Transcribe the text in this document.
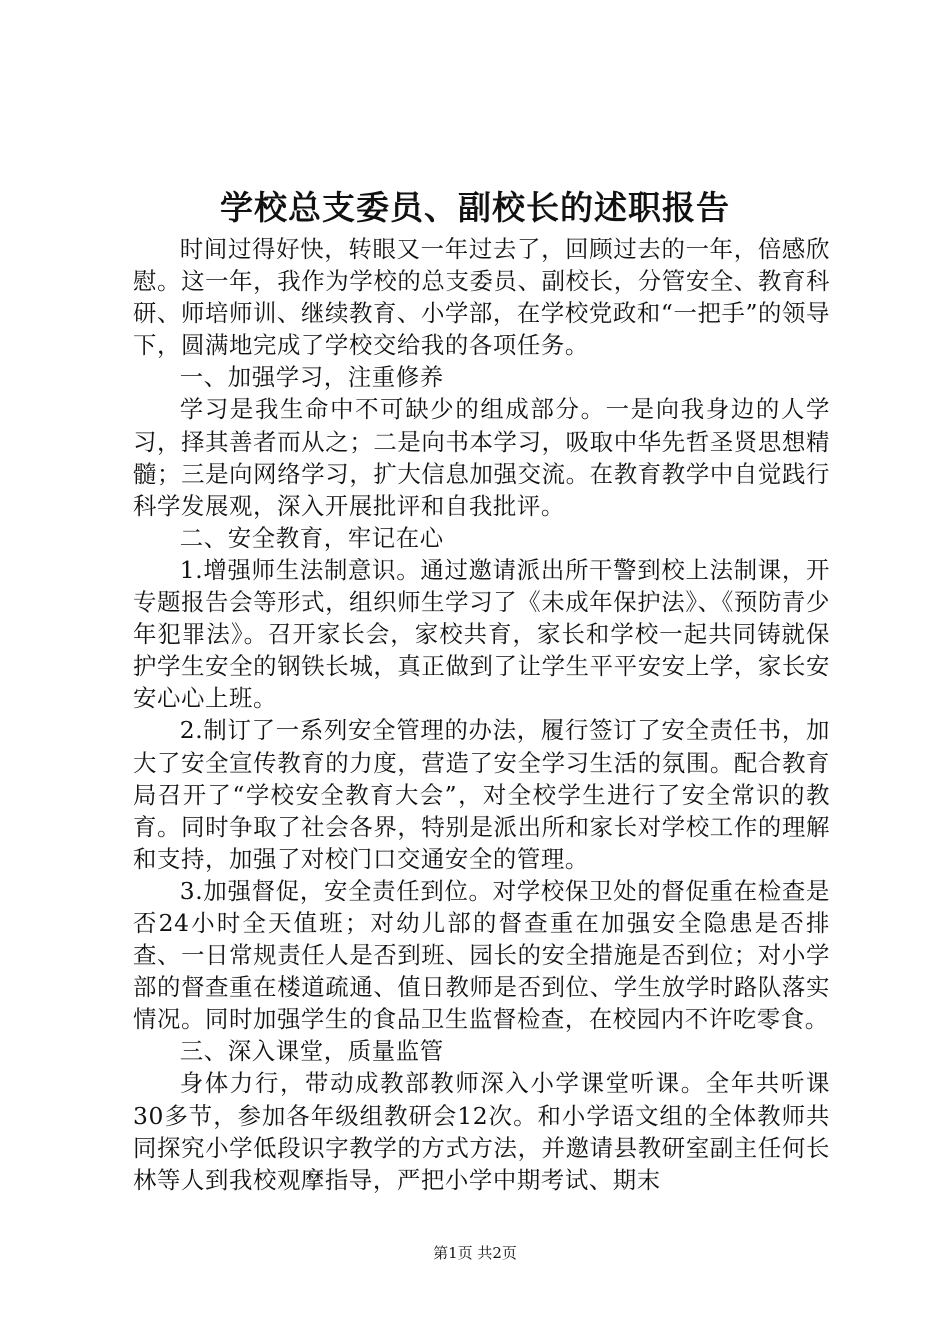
学校总支委员、副校长的述职报告

时间过得好快，转眼又一年过去了，回顾过去的一年，倍感欣慰。这一年，我作为学校的总支委员、副校长，分管安全、教育科研、师培师训、继续教育、小学部，在学校党政和“一把手”的领导下，圆满地完成了学校交给我的各项任务。

一、加强学习，注重修养

学习是我生命中不可缺少的组成部分。一是向我身边的人学习，择其善者而从之；二是向书本学习，吸取中华先哲圣贤思想精髓；三是向网络学习，扩大信息加强交流。在教育教学中自觉践行科学发展观，深入开展批评和自我批评。

二、安全教育，牢记在心

1.增强师生法制意识。通过邀请派出所干警到校上法制课，开专题报告会等形式，组织师生学习了《未成年保护法》、《预防青少年犯罪法》。召开家长会，家校共育，家长和学校一起共同铸就保护学生安全的钢铁长城，真正做到了让学生平平安安上学，家长安安心心上班。

2.制订了一系列安全管理的办法，履行签订了安全责任书，加大了安全宣传教育的力度，营造了安全学习生活的氛围。配合教育局召开了“学校安全教育大会”，对全校学生进行了安全常识的教育。同时争取了社会各界，特别是派出所和家长对学校工作的理解和支持，加强了对校门口交通安全的管理。

3.加强督促，安全责任到位。对学校保卫处的督促重在检查是否24小时全天值班；对幼儿部的督查重在加强安全隐患是否排查、一日常规责任人是否到班、园长的安全措施是否到位；对小学部的督查重在楼道疏通、值日教师是否到位、学生放学时路队落实情况。同时加强学生的食品卫生监督检查，在校园内不许吃零食。

三、深入课堂，质量监管

身体力行，带动成教部教师深入小学课堂听课。全年共听课30多节，参加各年级组教研会12次。和小学语文组的全体教师共同探究小学低段识字教学的方式方法，并邀请县教研室副主任何长林等人到我校观摩指导，严把小学中期考试、期末

第1页 共2页
